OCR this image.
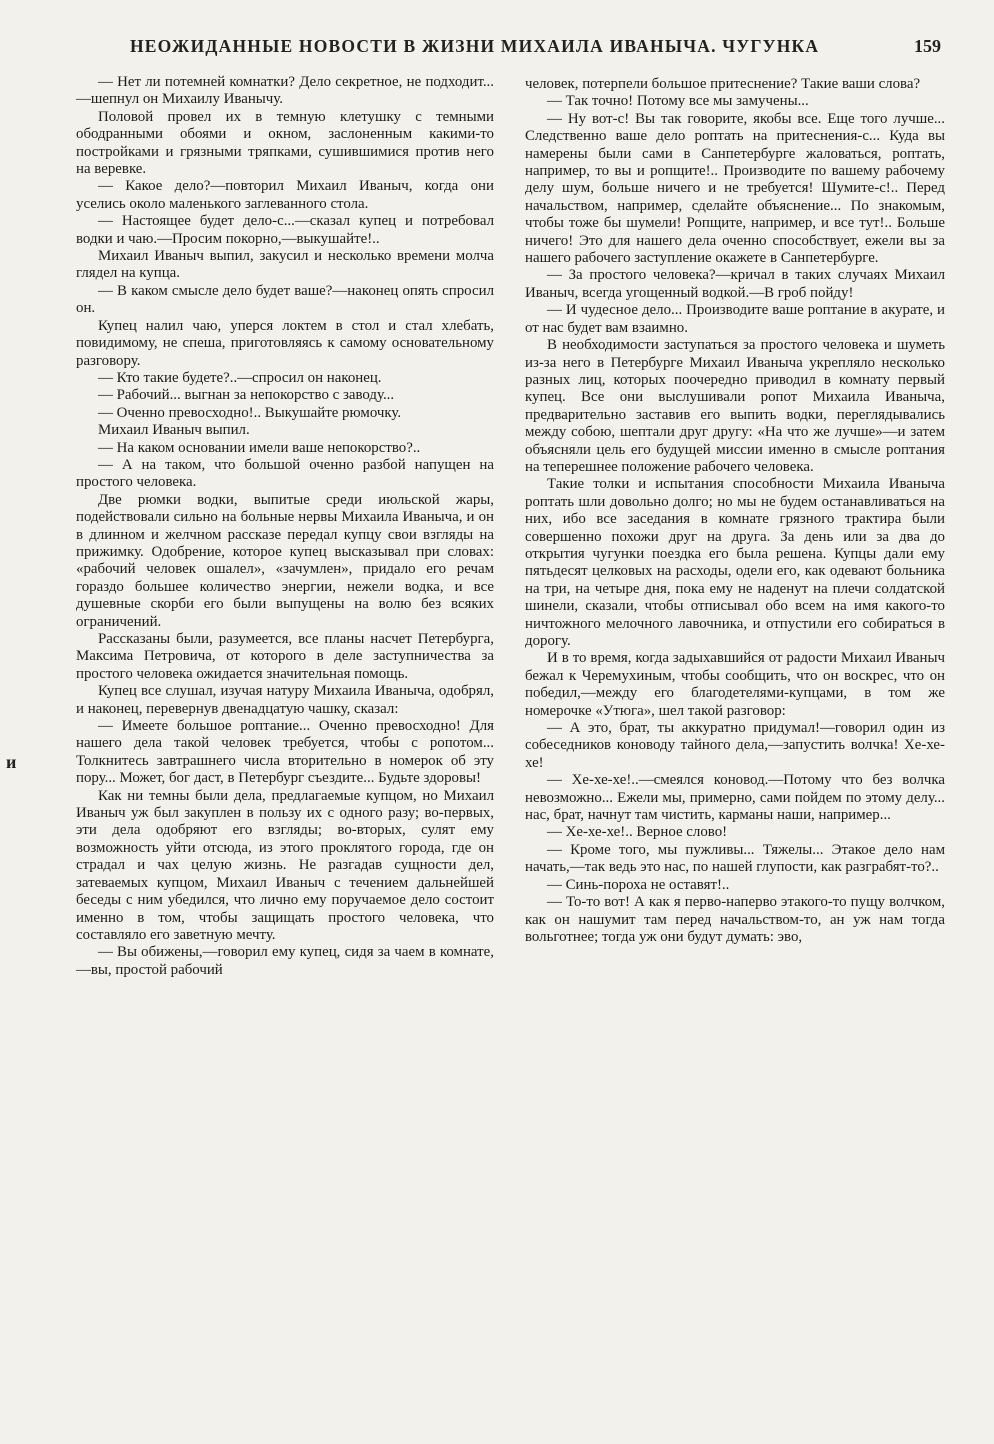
НЕОЖИДАННЫЕ НОВОСТИ В ЖИЗНИ МИХАИЛА ИВАНЫЧА. ЧУГУНКА	159
и

— Нет ли потемней комнатки? Дело секретное, не подходит...—шепнул он Михаилу Иванычу.

Половой провел их в темную клетушку с темными ободранными обоями и окном, заслоненным какими-то постройками и грязными тряпками, сушившимися против него на веревке.

— Какое дело?—повторил Михаил Иваныч, когда они уселись около маленького заглеванного стола.

— Настоящее будет дело-с...—сказал купец и потребовал водки и чаю.—Просим покорно,—выкушайте!..

Михаил Иваныч выпил, закусил и несколько времени молча глядел на купца.

— В каком смысле дело будет ваше?—наконец опять спросил он.

Купец налил чаю, уперся локтем в стол и стал хлебать, повидимому, не спеша, приготовляясь к самому основательному разговору.

— Кто такие будете?..—спросил он наконец.

— Рабочий... выгнан за непокорство с заводу...

— Оченно превосходно!.. Выкушайте рюмочку.

Михаил Иваныч выпил.

— На каком основании имели ваше непокорство?..

— А на таком, что большой оченно разбой напущен на простого человека.

Две рюмки водки, выпитые среди июльской жары, подействовали сильно на больные нервы Михаила Иваныча, и он в длинном и желчном рассказе передал купцу свои взгляды на прижимку. Одобрение, которое купец высказывал при словах: «рабочий человек ошалел», «зачумлен», придало его речам гораздо большее количество энергии, нежели водка, и все душевные скорби его были выпущены на волю без всяких ограничений.

Рассказаны были, разумеется, все планы насчет Петербурга, Максима Петровича, от которого в деле заступничества за простого человека ожидается значительная помощь.

Купец все слушал, изучая натуру Михаила Иваныча, одобрял, и наконец, перевернув двенадцатую чашку, сказал:

— Имеете большое роптание... Оченно превосходно! Для нашего дела такой человек требуется, чтобы с ропотом... Толкнитесь завтрашнего числа вторительно в номерок об эту пору... Может, бог даст, в Петербург съездите... Будьте здоровы!

Как ни темны были дела, предлагаемые купцом, но Михаил Иваныч уж был закуплен в пользу их с одного разу; во-первых, эти дела одобряют его взгляды; во-вторых, сулят ему возможность уйти отсюда, из этого проклятого города, где он страдал и чах целую жизнь. Не разгадав сущности дел, затеваемых купцом, Михаил Иваныч с течением дальнейшей беседы с ним убедился, что лично ему поручаемое дело состоит именно в том, чтобы защищать простого человека, что составляло его заветную мечту.

— Вы обижены,—говорил ему купец, сидя за чаем в комнате,—вы, простой рабочий

человек, потерпели большое притеснение? Такие ваши слова?

— Так точно! Потому все мы замучены...

— Ну вот-с! Вы так говорите, якобы все. Еще того лучше... Следственно ваше дело роптать на притеснения-с... Куда вы намерены были сами в Санпетербурге жаловаться, роптать, например, то вы и ропщите!.. Производите по вашему рабочему делу шум, больше ничего и не требуется! Шумите-с!.. Перед начальством, например, сделайте объяснение... По знакомым, чтобы тоже бы шумели! Ропщите, например, и все тут!.. Больше ничего! Это для нашего дела оченно способствует, ежели вы за нашего рабочего заступление окажете в Санпетербурге.

— За простого человека?—кричал в таких случаях Михаил Иваныч, всегда угощенный водкой.—В гроб пойду!

— И чудесное дело... Производите ваше роптание в акурате, и от нас будет вам взаимно.

В необходимости заступаться за простого человека и шуметь из-за него в Петербурге Михаил Иваныча укрепляло несколько разных лиц, которых поочередно приводил в комнату первый купец. Все они выслушивали ропот Михаила Иваныча, предварительно заставив его выпить водки, переглядывались между собою, шептали друг другу: «На что же лучше»—и затем объясняли цель его будущей миссии именно в смысле роптания на теперешнее положение рабочего человека.

Такие толки и испытания способности Михаила Иваныча роптать шли довольно долго; но мы не будем останавливаться на них, ибо все заседания в комнате грязного трактира были совершенно похожи друг на друга. За день или за два до открытия чугунки поездка его была решена. Купцы дали ему пятьдесят целковых на расходы, одели его, как одевают больника на три, на четыре дня, пока ему не наденут на плечи солдатской шинели, сказали, чтобы отписывал обо всем на имя какого-то ничтожного мелочного лавочника, и отпустили его собираться в дорогу.

И в то время, когда задыхавшийся от радости Михаил Иваныч бежал к Черемухиным, чтобы сообщить, что он воскрес, что он победил,—между его благодетелями-купцами, в том же номерочке «Утюга», шел такой разговор:

— А это, брат, ты аккуратно придумал!—говорил один из собеседников коноводу тайного дела,—запустить волчка! Хе-хе-хе!

— Хе-хе-хе!..—смеялся коновод.—Потому что без волчка невозможно... Ежели мы, примерно, сами пойдем по этому делу... нас, брат, начнут там чистить, карманы наши, например...

— Хе-хе-хе!.. Верное слово!

— Кроме того, мы пужливы... Тяжелы... Этакое дело нам начать,—так ведь это нас, по нашей глупости, как разграбят-то?..

— Синь-пороха не оставят!..

— То-то вот! А как я перво-наперво этакого-то пущу волчком, как он нашумит там перед начальством-то, ан уж нам тогда вольготнее; тогда уж они будут думать: эво,
